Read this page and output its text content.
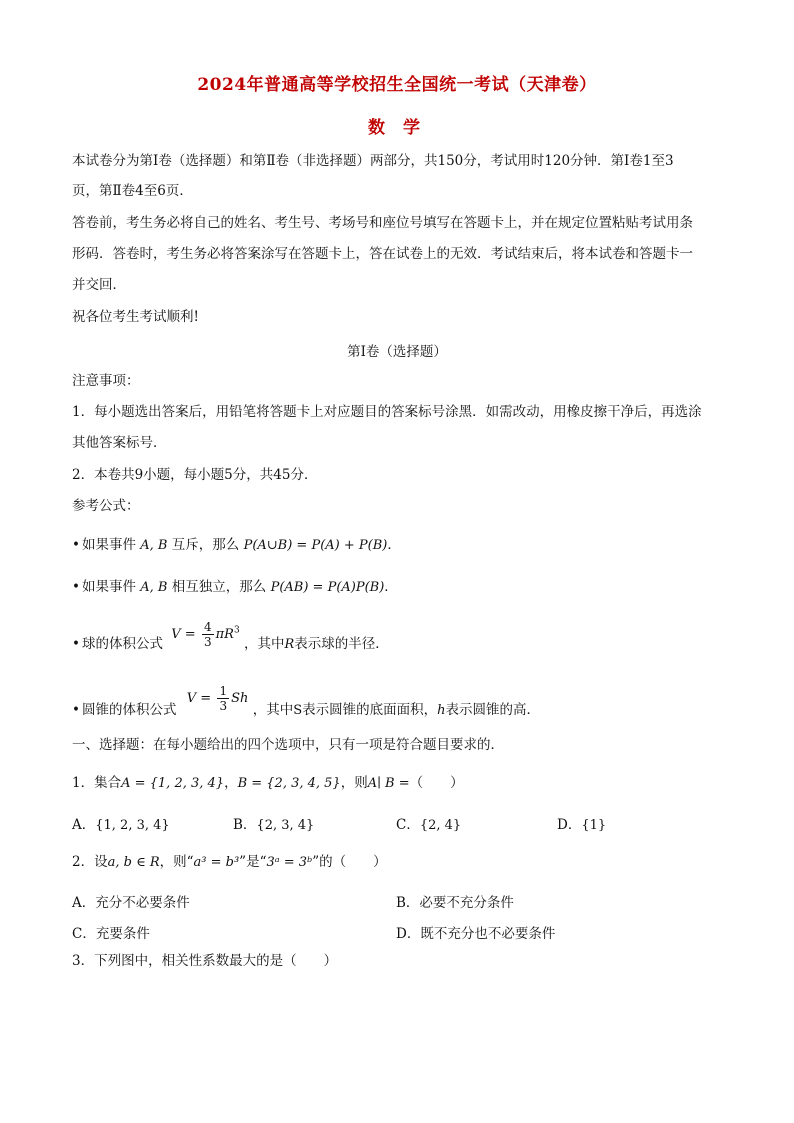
2024年普通高等学校招生全国统一考试（天津卷）
数 学
本试卷分为第Ⅰ卷（选择题）和第Ⅱ卷（非选择题）两部分，共150分，考试用时120分钟．第Ⅰ卷1至3
页，第Ⅱ卷4至6页．
答卷前，考生务必将自己的姓名、考生号、考场号和座位号填写在答题卡上，并在规定位置粘贴考试用条
形码．答卷时，考生务必将答案涂写在答题卡上，答在试卷上的无效．考试结束后，将本试卷和答题卡一
并交回．
祝各位考生考试顺利!
第Ⅰ卷（选择题）
注意事项：
1．每小题选出答案后，用铅笔将答题卡上对应题目的答案标号涂黑．如需改动，用橡皮擦干净后，再选涂
其他答案标号．
2．本卷共9小题，每小题5分，共45分．
参考公式：
• 如果事件 A, B 互斥，那么 P(A∪B) = P(A) + P(B)．
• 如果事件 A, B 相互独立，那么 P(AB) = P(A)P(B)．
• 球的体积公式 $V = \frac{4}{3} \pi R^3$ ，其中R表示球的半径．
• 圆锥的体积公式 $V = \frac{1}{3}$ Sh ，其中S表示圆锥的底面面积，h表示圆锥的高．
一、选择题：在每小题给出的四个选项中，只有一项是符合题目要求的．
1．集合A = {1, 2, 3, 4}，B = {2, 3, 4, 5}，则A∣ B =（　　）
A．{1, 2, 3, 4}	B．{2, 3, 4}	C．{2, 4}	D．{1}
2．设a, b ∈ R，则“a³ = b³”是“3ᵃ = 3ᵇ”的（　　）
A．充分不必要条件	B．必要不充分条件
C．充要条件	D．既不充分也不必要条件
3．下列图中，相关性系数最大的是（　　）
